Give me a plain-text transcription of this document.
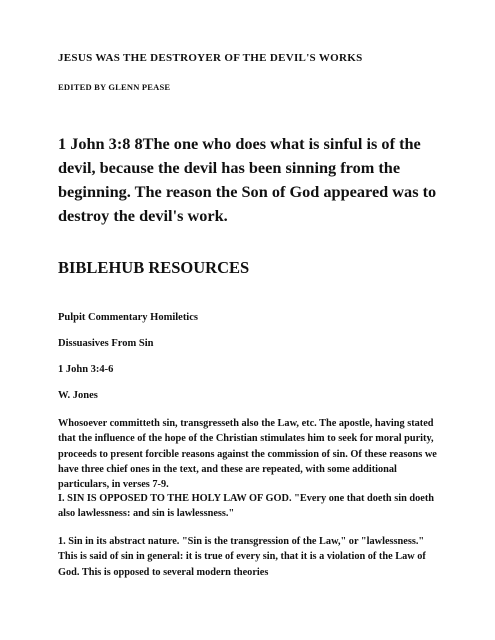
JESUS WAS THE DESTROYER OF THE DEVIL'S WORKS
EDITED BY GLENN PEASE
1 John 3:8 8The one who does what is sinful is of the devil, because the devil has been sinning from the beginning. The reason the Son of God appeared was to destroy the devil's work.
BIBLEHUB RESOURCES
Pulpit Commentary Homiletics
Dissuasives From Sin
1 John 3:4-6
W. Jones
Whosoever committeth sin, transgresseth also the Law, etc. The apostle, having stated that the influence of the hope of the Christian stimulates him to seek for moral purity, proceeds to present forcible reasons against the commission of sin. Of these reasons we have three chief ones in the text, and these are repeated, with some additional particulars, in verses 7-9.
I. SIN IS OPPOSED TO THE HOLY LAW OF GOD. "Every one that doeth sin doeth also lawlessness: and sin is lawlessness."
1. Sin in its abstract nature. "Sin is the transgression of the Law," or "lawlessness." This is said of sin in general: it is true of every sin, that it is a violation of the Law of God. This is opposed to several modern theories
